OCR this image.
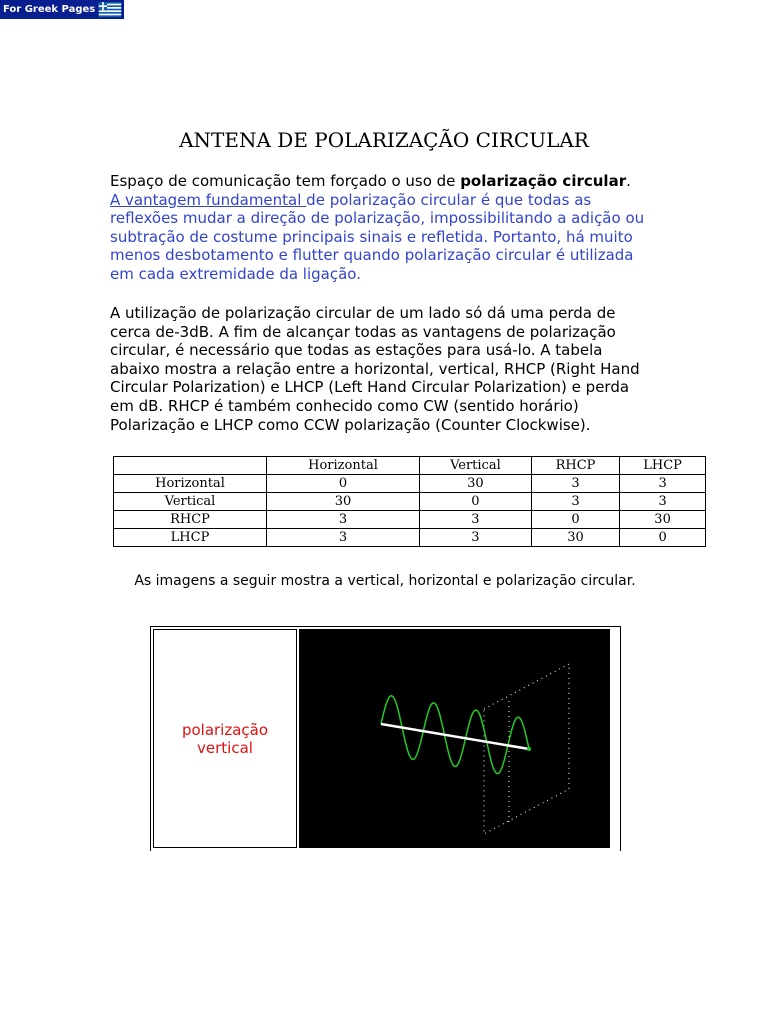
For Greek Pages
ANTENA DE POLARIZAÇÃO CIRCULAR

Espaço de comunicação tem forçado o uso de polarização circular.
A vantagem fundamental de polarização circular é que todas as reflexões mudar a direção de polarização, impossibilitando a adição ou subtração de costume principais sinais e refletida. Portanto, há muito menos desbotamento e flutter quando polarização circular é utilizada em cada extremidade da ligação.

A utilização de polarização circular de um lado só dá uma perda de cerca de-3dB. A fim de alcançar todas as vantagens de polarização circular, é necessário que todas as estações para usá-lo. A tabela abaixo mostra a relação entre a horizontal, vertical, RHCP (Right Hand Circular Polarization) e LHCP (Left Hand Circular Polarization) e perda em dB. RHCP é também conhecido como CW (sentido horário) Polarização e LHCP como CCW polarização (Counter Clockwise).

	Horizontal	Vertical	RHCP	LHCP
Horizontal	0	30	3	3
Vertical	30	0	3	3
RHCP	3	3	0	30
LHCP	3	3	30	0

As imagens a seguir mostra a vertical, horizontal e polarização circular.

polarização
vertical
